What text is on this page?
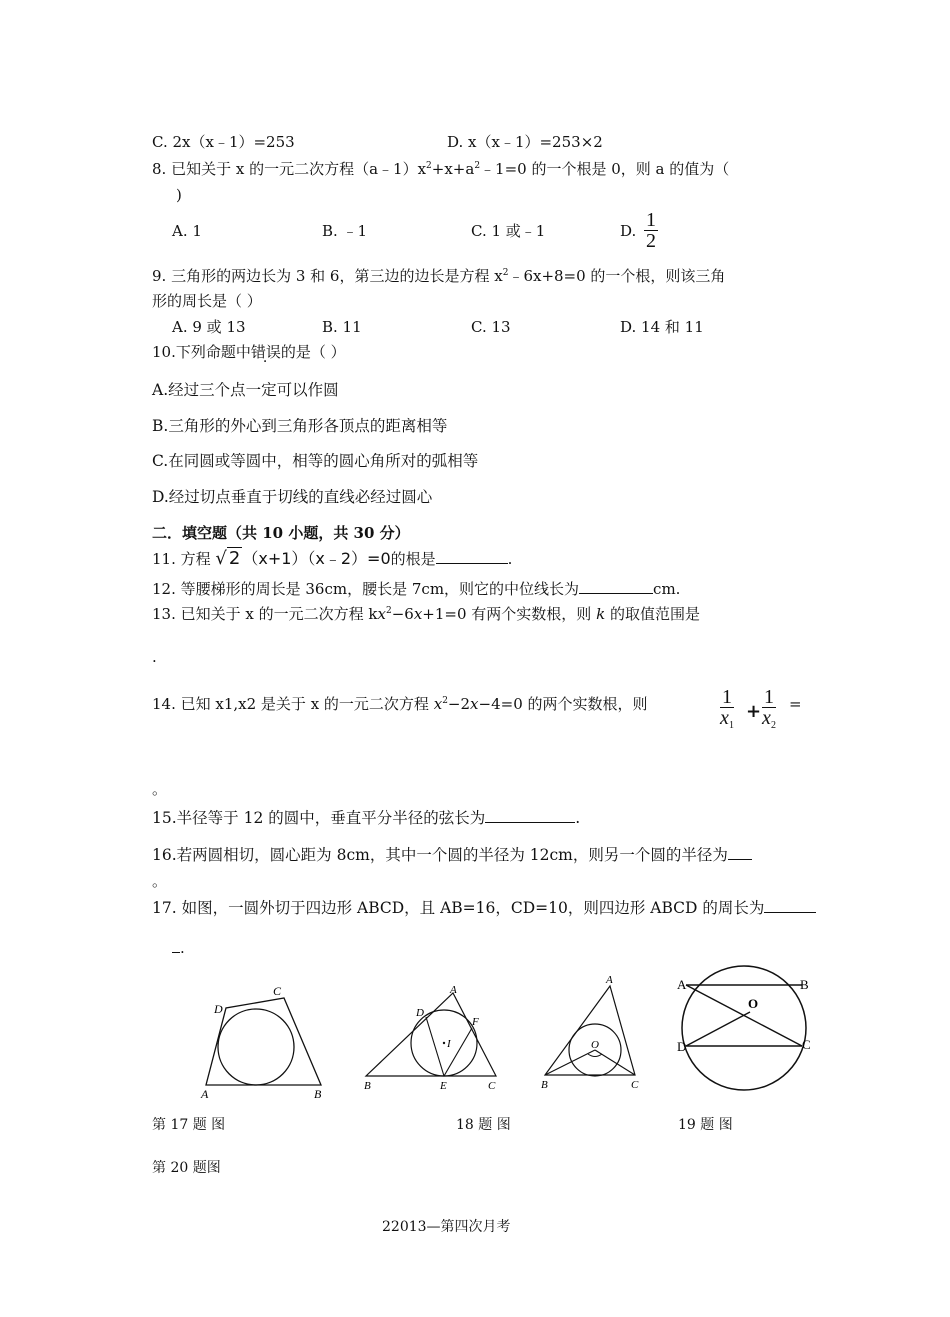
C. 2x（x﹣1）=253	D. x（x﹣1）=253×2
8. 已知关于 x 的一元二次方程$(a﹣1)x^2+x+a^2﹣1=0$ 的一个根是 0，则 a 的值为（
)
A. 1	B. ﹣1	C. 1 或﹣1	D. $\frac{1}{2}$
9. 三角形的两边长为 3 和 6，第三边的边长是方程 $x^2﹣6x+8=0$ 的一个根，则该三角
形的周长是（ ）
A. 9 或 13	B. 11	C. 13	D. 14 和 11
10.下列命题中错误的是（ ）
A.经过三个点一定可以作圆
B.三角形的外心到三角形各顶点的距离相等
C.在同圆或等圆中，相等的圆心角所对的弧相等
D.经过切点垂直于切线的直线必经过圆心
二．填空题（共 10 小题，共 30 分）
11. 方程 √ 2 （x+1）（x﹣2）=0的根是	.
12. 等腰梯形的周长是 36cm，腰长是 7cm，则它的中位线长为	cm.
13. 已知关于 x 的一元二次方程 $kx^2-6x+1=0$ 有两个实数根，则 k 的取值范围是
.
14. 已知 x1,x2 是关于 x 的一元二次方程 $x^2-2x-4=0$ 的两个实数根，则	$\frac{1}{x_1} + \frac{1}{x_2}$ =
。
15.半径等于 12 的圆中，垂直平分半径的弦长为	.
16.若两圆相切，圆心距为 8cm，其中一个圆的半径为 12cm，则另一个圆的半径为
。
17. 如图，一圆外切于四边形 ABCD，且 AB=16，CD=10，则四边形 ABCD 的周长为
.
A	B
C
D
A
B	C
D
E
F
I
A
B	C
O
A	B
C
D
O
第 17 题 图	18 题 图	19 题 图
第 20 题图
22013—第四次月考
